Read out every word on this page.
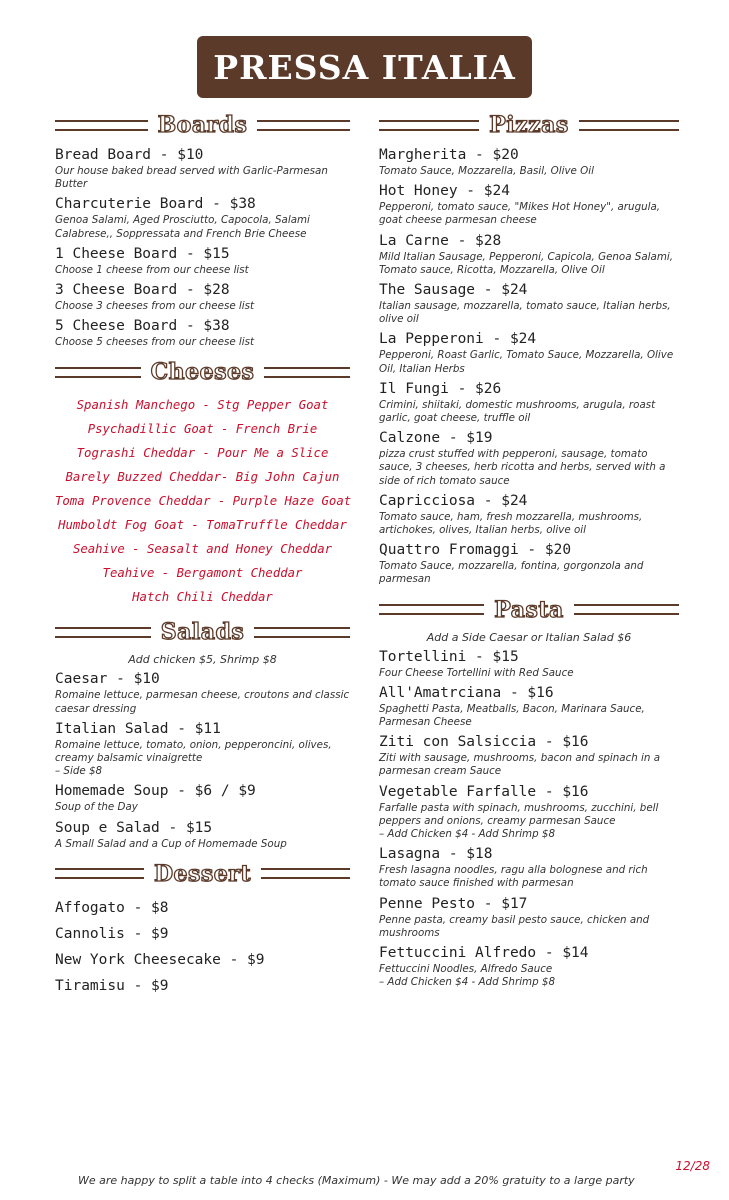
PRESSA ITALIA
Boards
Bread Board - $10
Our house baked bread served with Garlic-Parmesan Butter
Charcuterie Board - $38
Genoa Salami, Aged Prosciutto, Capocola, Salami Calabrese,, Soppressata and French Brie Cheese
1 Cheese Board - $15
Choose 1 cheese from our cheese list
3 Cheese Board - $28
Choose 3 cheeses from our cheese list
5 Cheese Board - $38
Choose 5 cheeses from our cheese list
Cheeses
Spanish Manchego - Stg Pepper Goat
Psychadillic Goat - French Brie
Tograshi Cheddar - Pour Me a Slice
Barely Buzzed Cheddar- Big John Cajun
Toma Provence Cheddar - Purple Haze Goat
Humboldt Fog Goat - TomaTruffle Cheddar
Seahive - Seasalt and Honey Cheddar
Teahive - Bergamont Cheddar
Hatch Chili Cheddar
Salads
Add chicken $5, Shrimp $8
Caesar - $10
Romaine lettuce, parmesan cheese, croutons and classic caesar dressing
Italian Salad - $11
Romaine lettuce, tomato, onion, pepperoncini, olives, creamy balsamic vinaigrette
– Side $8
Homemade Soup - $6 / $9
Soup of the Day
Soup e Salad - $15
A Small Salad and a Cup of Homemade Soup
Dessert
Affogato - $8
Cannolis - $9
New York Cheesecake - $9
Tiramisu - $9
Pizzas
Margherita - $20
Tomato Sauce, Mozzarella, Basil, Olive Oil
Hot Honey - $24
Pepperoni, tomato sauce, "Mikes Hot Honey", arugula, goat cheese parmesan cheese
La Carne - $28
Mild Italian Sausage, Pepperoni, Capicola, Genoa Salami, Tomato sauce, Ricotta, Mozzarella, Olive Oil
The Sausage - $24
Italian sausage, mozzarella, tomato sauce, Italian herbs, olive oil
La Pepperoni - $24
Pepperoni, Roast Garlic, Tomato Sauce, Mozzarella, Olive Oil, Italian Herbs
Il Fungi - $26
Crimini, shiitaki, domestic mushrooms, arugula, roast garlic, goat cheese, truffle oil
Calzone - $19
pizza crust stuffed with pepperoni, sausage, tomato sauce, 3 cheeses, herb ricotta and herbs, served with a side of rich tomato sauce
Capricciosa - $24
Tomato sauce, ham, fresh mozzarella, mushrooms, artichokes, olives, Italian herbs, olive oil
Quattro Fromaggi - $20
Tomato Sauce, mozzarella, fontina, gorgonzola and parmesan
Pasta
Add a Side Caesar or Italian Salad $6
Tortellini - $15
Four Cheese Tortellini with Red Sauce
All'Amatrciana - $16
Spaghetti Pasta, Meatballs, Bacon, Marinara Sauce, Parmesan Cheese
Ziti con Salsiccia - $16
Ziti with sausage, mushrooms, bacon and spinach in a parmesan cream Sauce
Vegetable Farfalle - $16
Farfalle pasta with spinach, mushrooms, zucchini, bell peppers and onions, creamy parmesan Sauce
– Add Chicken $4 - Add Shrimp $8
Lasagna - $18
Fresh lasagna noodles, ragu alla bolognese and rich tomato sauce finished with parmesan
Penne Pesto - $17
Penne pasta, creamy basil pesto sauce, chicken and mushrooms
Fettuccini Alfredo - $14
Fettuccini Noodles, Alfredo Sauce
– Add Chicken $4 - Add Shrimp $8
12/28
We are happy to split a table into 4 checks (Maximum) - We may add a 20% gratuity to a large party
